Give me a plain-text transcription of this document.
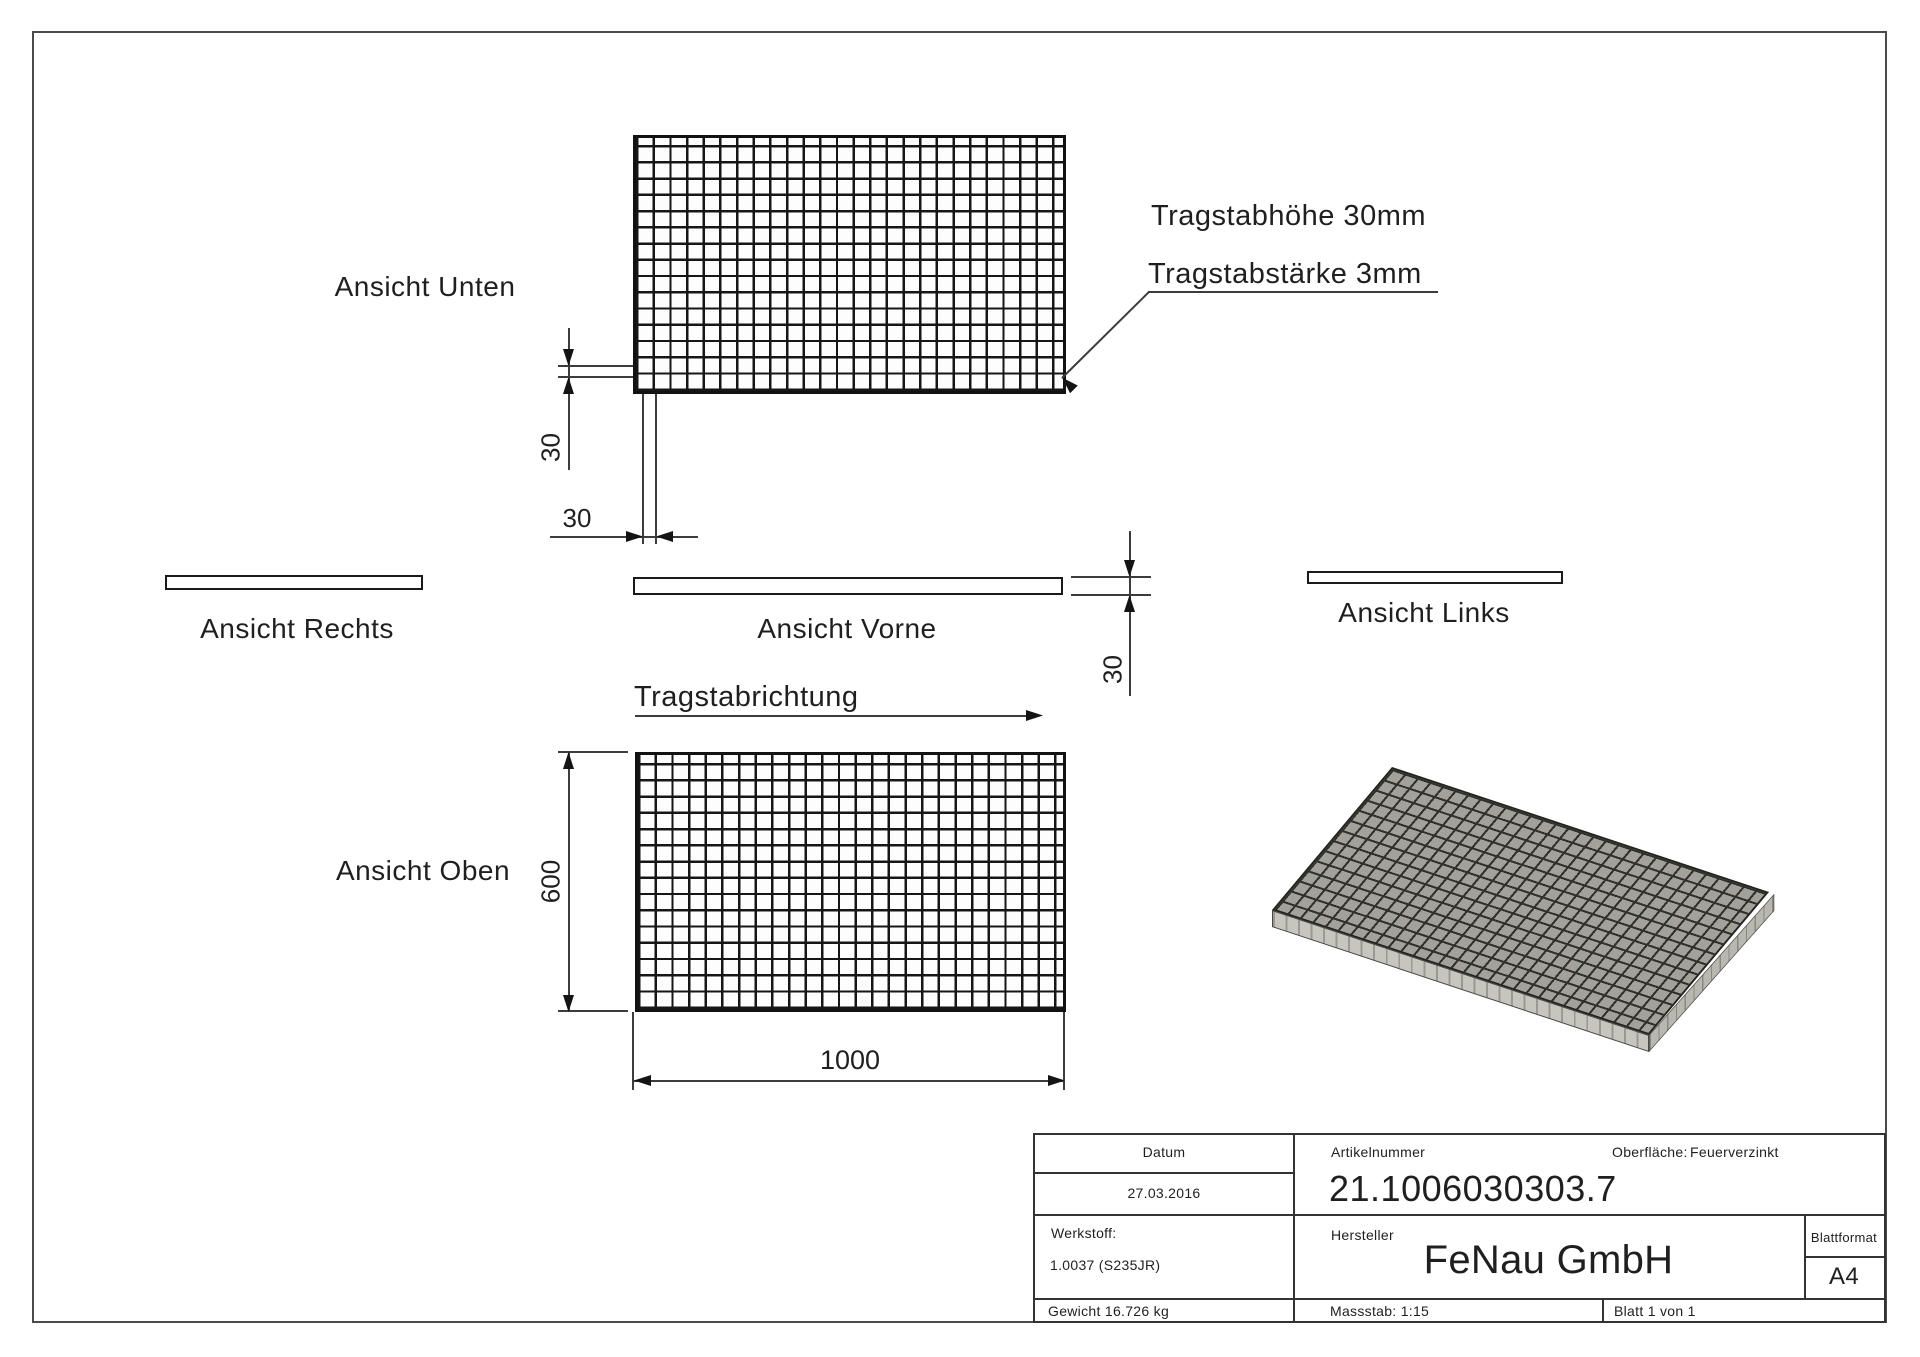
Ansicht Unten
Tragstabhöhe 30mm
Tragstabstärke 3mm
30
30
Ansicht Rechts	Ansicht Vorne
Ansicht Links
30
Tragstabrichtung
Ansicht Oben 600
1000
Datum
27.03.2016
Artikelnummer	Oberfläche: Feuerverzinkt
21.1006030303.7
Werkstoff:
1.0037 (S235JR)
Hersteller
FeNau GmbH
Blattformat
A4
Gewicht 16.726 kg	Massstab: 1:15	Blatt 1 von 1
